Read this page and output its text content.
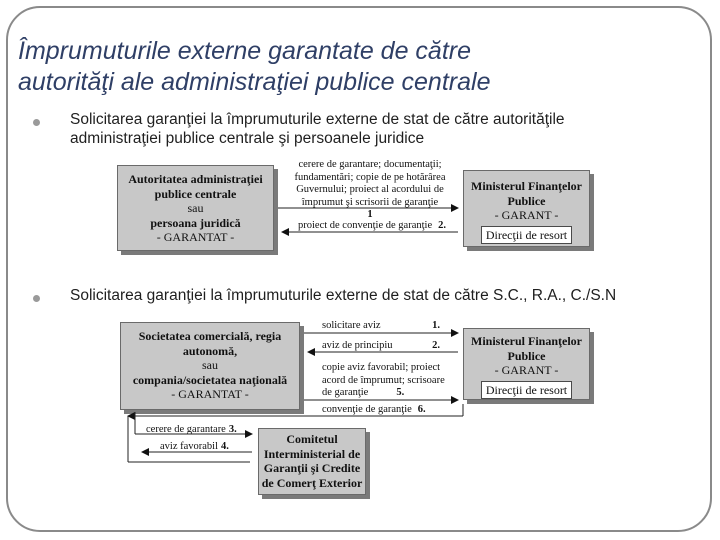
Împrumuturile externe garantate de către
autorităţi ale administraţiei publice centrale
Solicitarea garanţiei la împrumuturile externe de stat de către autorităţile administraţiei publice centrale şi persoanele juridice
Autoritatea administraţiei
publice centrale
sau
persoana juridică
- GARANTAT -
Ministerul Finanţelor
Publice
- GARANT -
Direcţii de resort
cerere de garantare; documentaţii;
fundamentări; copie de pe hotărârea
Guvernului; proiect al acordului de
împrumut şi scrisorii de garanţie
1
proiect de convenţie de garanţie 2.
Solicitarea garanţiei la împrumuturile externe de stat de către S.C., R.A., C./S.N
Societatea comercială, regia
autonomă,
sau
compania/societatea naţională
- GARANTAT -
Ministerul Finanţelor
Publice
- GARANT -
Direcţii de resort
Comitetul
Interministerial de
Garanţii şi Credite
de Comerţ Exterior
solicitare aviz	1.
aviz de principiu	2.
copie aviz favorabil; proiect
acord de împrumut; scrisoare
de garanţie	5.
convenţie de garanţie 6.
cerere de garantare 3.
aviz favorabil 4.
